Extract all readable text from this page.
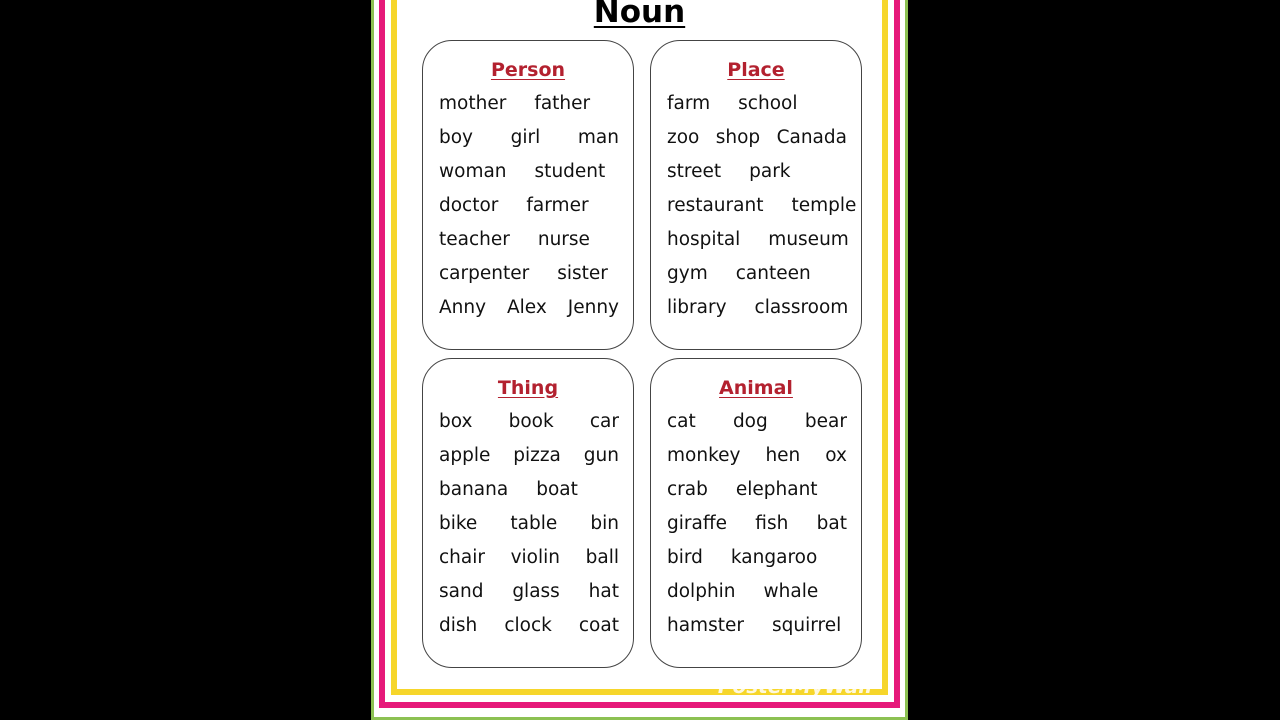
Noun
Person
mother father
boy girl man
woman student
doctor farmer
teacher nurse
carpenter sister
Anny Alex Jenny
Place
farm school
zoo shop Canada
street park
restaurant temple
hospital museum
gym canteen
library classroom
Thing
box book car
apple pizza gun
banana boat
bike table bin
chair violin ball
sand glass hat
dish clock coat
Animal
cat dog bear
monkey hen ox
crab elephant
giraffe fish bat
bird kangaroo
dolphin whale
hamster squirrel
PosterMyWall
